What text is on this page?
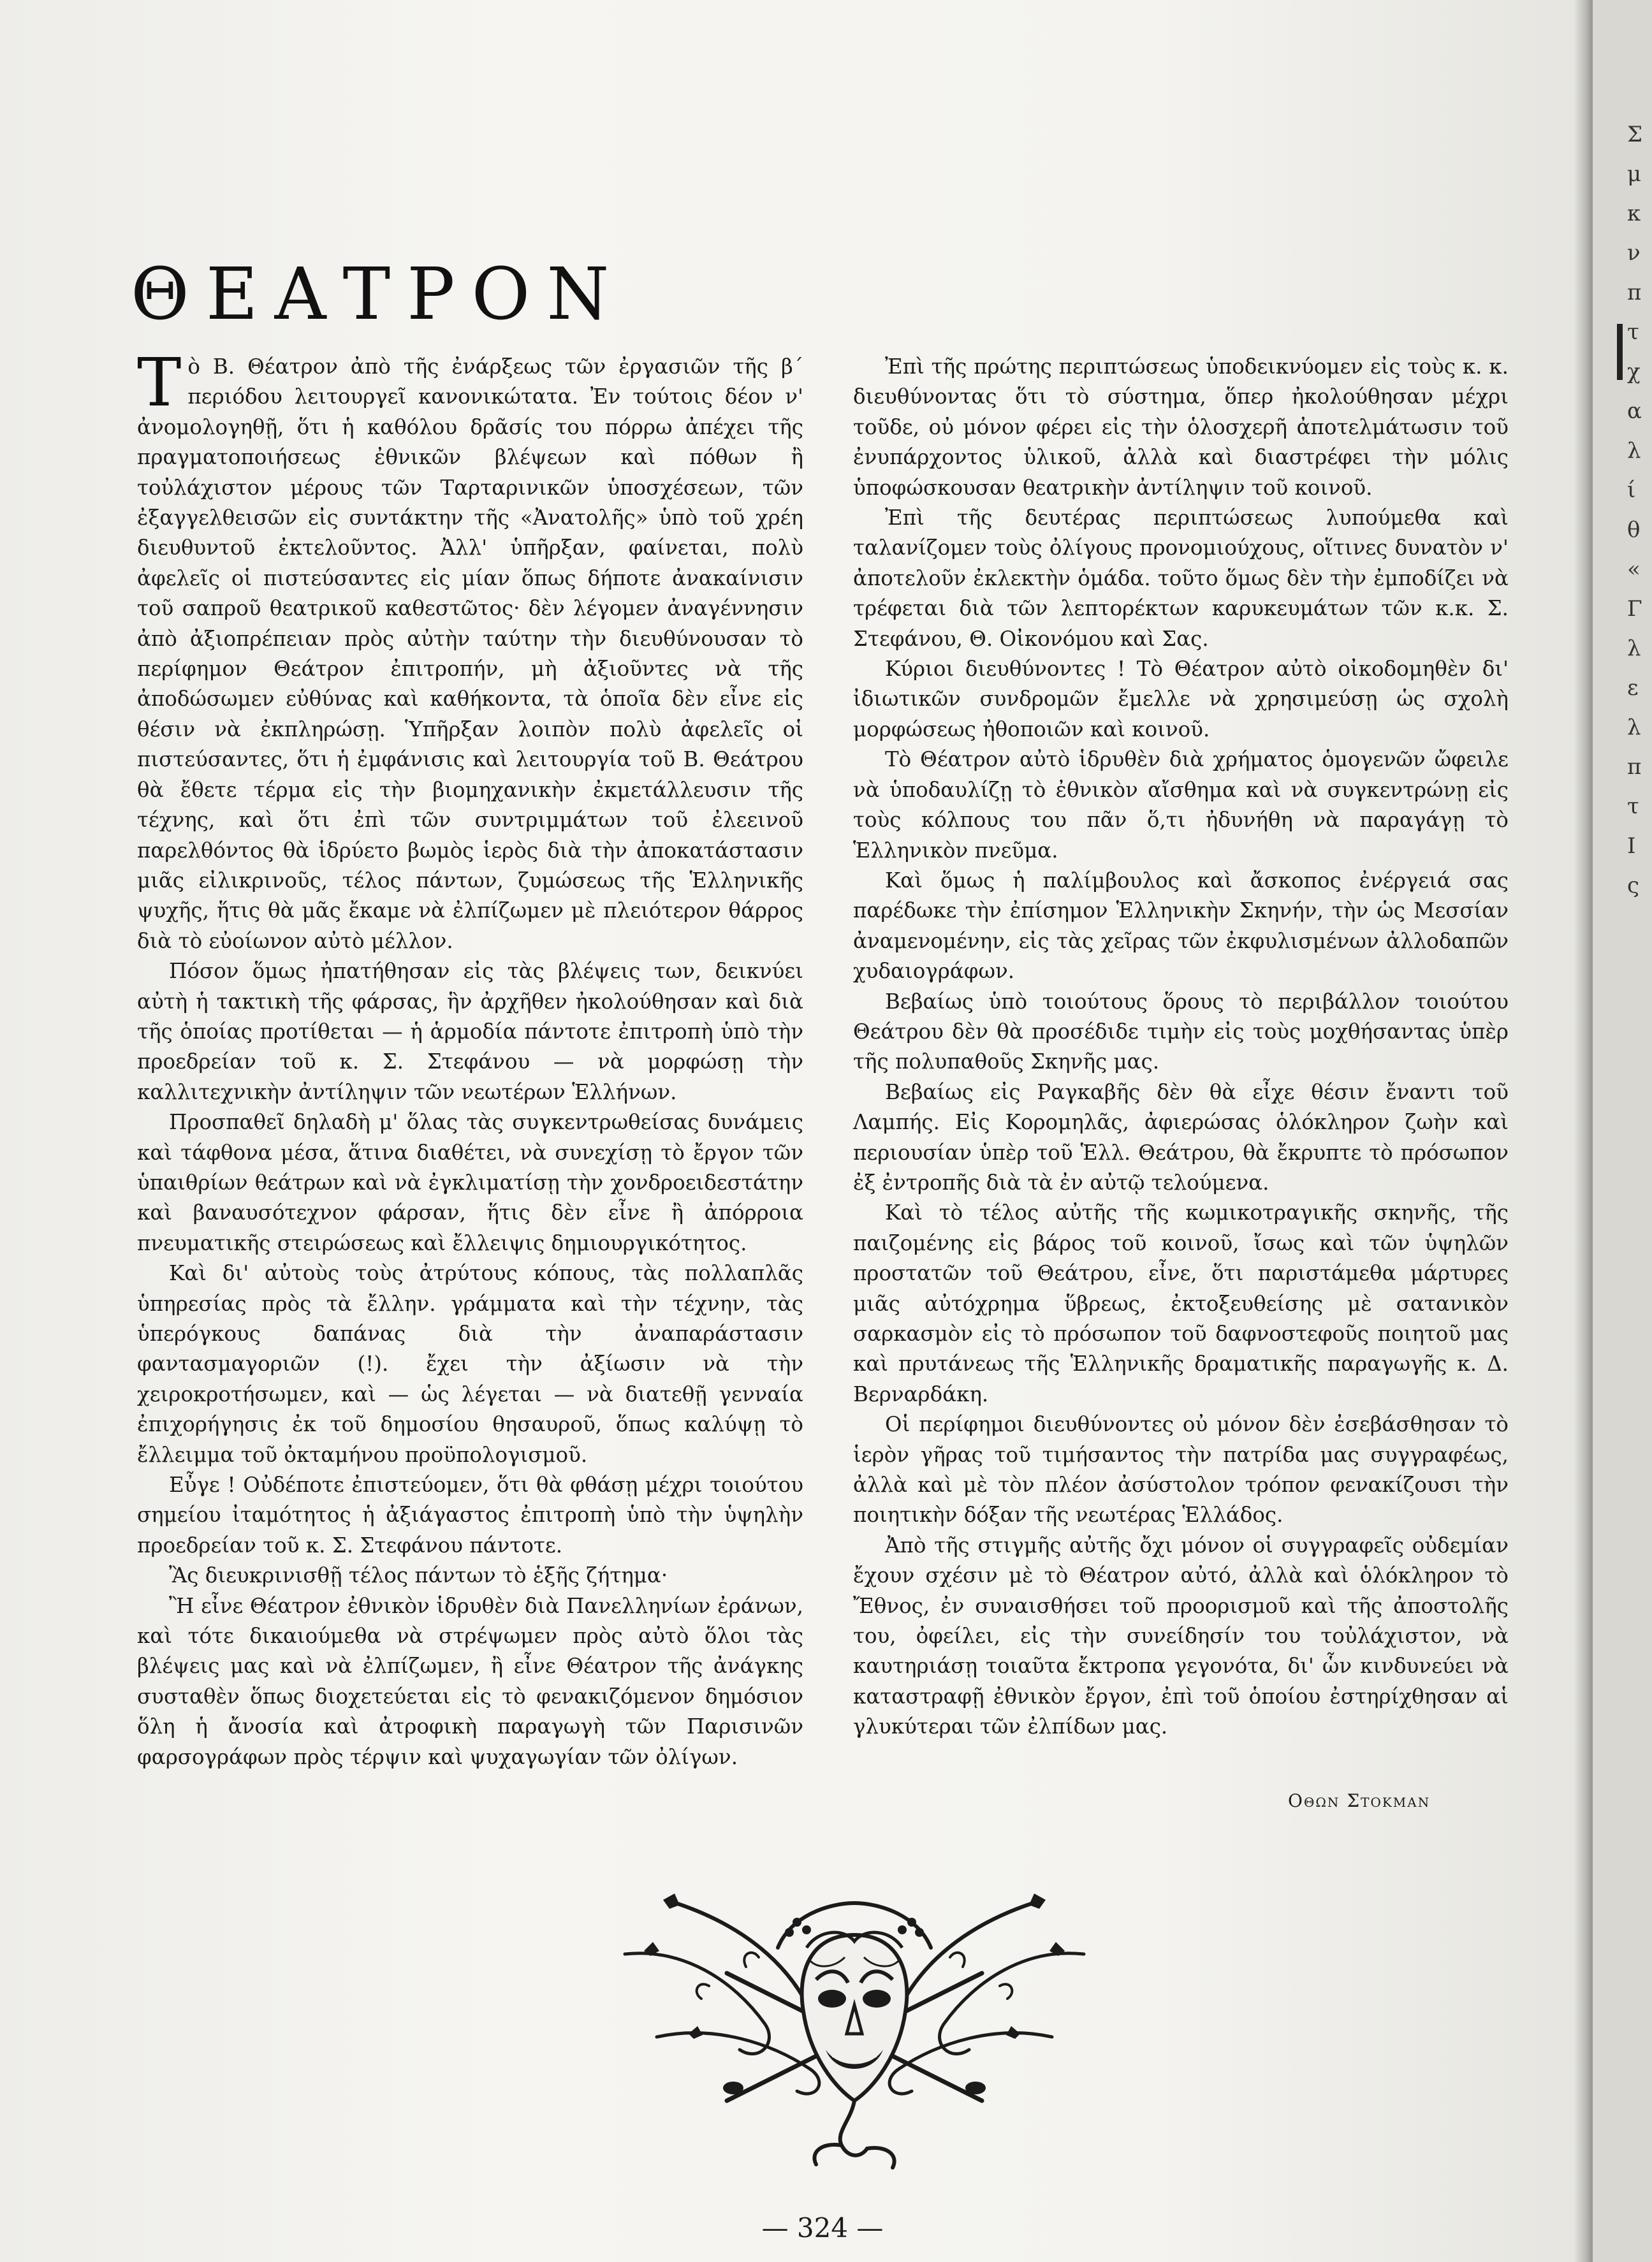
Σ
μ
κ
ν
π
τ
χ
α
λ
ί
θ
«
Γ
λ
ε
λ
π
τ
Ι
ς
ΘΕΑΤΡΟΝ

Τὸ Β. Θέατρον ἀπὸ τῆς ἐνάρξεως τῶν ἐργασιῶν τῆς β΄ περιόδου λειτουργεῖ κανονικώτατα. Ἐν τούτοις δέον ν' ἀνομολογηθῇ, ὅτι ἡ καθόλου δρᾶσίς του πόρρω ἀπέχει τῆς πραγματοποιήσεως ἐθνικῶν βλέψεων καὶ πόθων ἢ τοὐλάχιστον μέρους τῶν Ταρταρινικῶν ὑποσχέσεων, τῶν ἐξαγγελθεισῶν εἰς συντάκτην τῆς «Ἀνατολῆς» ὑπὸ τοῦ χρέη διευθυντοῦ ἐκτελοῦντος. Ἀλλ' ὑπῆρξαν, φαίνεται, πολὺ ἀφελεῖς οἱ πιστεύσαντες εἰς μίαν ὅπως δήποτε ἀνακαίνισιν τοῦ σαπροῦ θεατρικοῦ καθεστῶτος· δὲν λέγομεν ἀναγέννησιν ἀπὸ ἀξιοπρέπειαν πρὸς αὐτὴν ταύτην τὴν διευθύνουσαν τὸ περίφημον Θεάτρον ἐπιτροπήν, μὴ ἀξιοῦντες νὰ τῆς ἀποδώσωμεν εὐθύνας καὶ καθήκοντα, τὰ ὁποῖα δὲν εἶνε εἰς θέσιν νὰ ἐκπληρώσῃ. Ὑπῆρξαν λοιπὸν πολὺ ἀφελεῖς οἱ πιστεύσαντες, ὅτι ἡ ἐμφάνισις καὶ λειτουργία τοῦ Β. Θεάτρου θὰ ἔθετε τέρμα εἰς τὴν βιομηχανικὴν ἐκμετάλλευσιν τῆς τέχνης, καὶ ὅτι ἐπὶ τῶν συντριμμάτων τοῦ ἐλεεινοῦ παρελθόντος θὰ ἱδρύετο βωμὸς ἱερὸς διὰ τὴν ἀποκατάστασιν μιᾶς εἰλικρινοῦς, τέλος πάντων, ζυμώσεως τῆς Ἑλληνικῆς ψυχῆς, ἥτις θὰ μᾶς ἔκαμε νὰ ἐλπίζωμεν μὲ πλειότερον θάρρος διὰ τὸ εὐοίωνον αὐτὸ μέλλον.

Πόσον ὅμως ἠπατήθησαν εἰς τὰς βλέψεις των, δεικνύει αὐτὴ ἡ τακτικὴ τῆς φάρσας, ἣν ἀρχῆθεν ἠκολούθησαν καὶ διὰ τῆς ὁποίας προτίθεται — ἡ ἁρμοδία πάντοτε ἐπιτροπὴ ὑπὸ τὴν προεδρείαν τοῦ κ. Σ. Στεφάνου — νὰ μορφώσῃ τὴν καλλιτεχνικὴν ἀντίληψιν τῶν νεωτέρων Ἑλλήνων.

Προσπαθεῖ δηλαδὴ μ' ὅλας τὰς συγκεντρωθείσας δυνάμεις καὶ τάφθονα μέσα, ἅτινα διαθέτει, νὰ συνεχίσῃ τὸ ἔργον τῶν ὑπαιθρίων θεάτρων καὶ νὰ ἐγκλιματίσῃ τὴν χονδροειδεστάτην καὶ βαναυσότεχνον φάρσαν, ἥτις δὲν εἶνε ἢ ἀπόρροια πνευματικῆς στειρώσεως καὶ ἔλλειψις δημιουργικότητος.

Καὶ δι' αὐτοὺς τοὺς ἀτρύτους κόπους, τὰς πολλαπλᾶς ὑπηρεσίας πρὸς τὰ ἔλλην. γράμματα καὶ τὴν τέχνην, τὰς ὑπερόγκους δαπάνας διὰ τὴν ἀναπαράστασιν φαντασμαγοριῶν (!). ἔχει τὴν ἀξίωσιν νὰ τὴν χειροκροτήσωμεν, καὶ — ὡς λέγεται — νὰ διατεθῇ γενναία ἐπιχορήγησις ἐκ τοῦ δημοσίου θησαυροῦ, ὅπως καλύψῃ τὸ ἔλλειμμα τοῦ ὀκταμήνου προϋπολογισμοῦ.

Εὖγε ! Οὐδέποτε ἐπιστεύομεν, ὅτι θὰ φθάσῃ μέχρι τοιούτου σημείου ἰταμότητος ἡ ἀξιάγαστος ἐπιτροπὴ ὑπὸ τὴν ὑψηλὴν προεδρείαν τοῦ κ. Σ. Στεφάνου πάντοτε.

Ἂς διευκρινισθῇ τέλος πάντων τὸ ἑξῆς ζήτημα·

Ἢ εἶνε Θέατρον ἐθνικὸν ἱδρυθὲν διὰ Πανελληνίων ἐράνων, καὶ τότε δικαιούμεθα νὰ στρέψωμεν πρὸς αὐτὸ ὅλοι τὰς βλέψεις μας καὶ νὰ ἐλπίζωμεν, ἢ εἶνε Θέατρον τῆς ἀνάγκης συσταθὲν ὅπως διοχετεύεται εἰς τὸ φενακιζόμενον δημόσιον ὅλη ἡ ἄνοσία καὶ ἀτροφικὴ παραγωγὴ τῶν Παρισινῶν φαρσογράφων πρὸς τέρψιν καὶ ψυχαγωγίαν τῶν ὀλίγων.

Ἐπὶ τῆς πρώτης περιπτώσεως ὑποδεικνύομεν εἰς τοὺς κ. κ. διευθύνοντας ὅτι τὸ σύστημα, ὅπερ ἠκολούθησαν μέχρι τοῦδε, οὐ μόνον φέρει εἰς τὴν ὁλοσχερῆ ἀποτελμάτωσιν τοῦ ἐνυπάρχοντος ὑλικοῦ, ἀλλὰ καὶ διαστρέφει τὴν μόλις ὑποφώσκουσαν θεατρικὴν ἀντίληψιν τοῦ κοινοῦ.

Ἐπὶ τῆς δευτέρας περιπτώσεως λυπούμεθα καὶ ταλανίζομεν τοὺς ὀλίγους προνομιούχους, οἵτινες δυνατὸν ν' ἀποτελοῦν ἐκλεκτὴν ὁμάδα. τοῦτο ὅμως δὲν τὴν ἐμποδίζει νὰ τρέφεται διὰ τῶν λεπτορέκτων καρυκευμάτων τῶν κ.κ. Σ. Στεφάνου, Θ. Οἰκονόμου καὶ Σας.

Κύριοι διευθύνοντες ! Τὸ Θέατρον αὐτὸ οἰκοδομηθὲν δι' ἰδιωτικῶν συνδρομῶν ἔμελλε νὰ χρησιμεύσῃ ὡς σχολὴ μορφώσεως ἠθοποιῶν καὶ κοινοῦ.

Τὸ Θέατρον αὐτὸ ἱδρυθὲν διὰ χρήματος ὁμογενῶν ὤφειλε νὰ ὑποδαυλίζῃ τὸ ἐθνικὸν αἴσθημα καὶ νὰ συγκεντρώνῃ εἰς τοὺς κόλπους του πᾶν ὅ,τι ἠδυνήθη νὰ παραγάγῃ τὸ Ἑλληνικὸν πνεῦμα.

Καὶ ὅμως ἡ παλίμβουλος καὶ ἄσκοπος ἐνέργειά σας παρέδωκε τὴν ἐπίσημον Ἑλληνικὴν Σκηνήν, τὴν ὡς Μεσσίαν ἀναμενομένην, εἰς τὰς χεῖρας τῶν ἐκφυλισμένων ἀλλοδαπῶν χυδαιογράφων.

Βεβαίως ὑπὸ τοιούτους ὅρους τὸ περιβάλλον τοιούτου Θεάτρου δὲν θὰ προσέδιδε τιμὴν εἰς τοὺς μοχθήσαντας ὑπὲρ τῆς πολυπαθοῦς Σκηνῆς μας.

Βεβαίως εἰς Ραγκαβῆς δὲν θὰ εἶχε θέσιν ἔναντι τοῦ Λαμπής. Εἰς Κορομηλᾶς, ἀφιερώσας ὁλόκληρον ζωὴν καὶ περιουσίαν ὑπὲρ τοῦ Ἑλλ. Θεάτρου, θὰ ἔκρυπτε τὸ πρόσωπον ἐξ ἐντροπῆς διὰ τὰ ἐν αὐτῷ τελούμενα.

Καὶ τὸ τέλος αὐτῆς τῆς κωμικοτραγικῆς σκηνῆς, τῆς παιζομένης εἰς βάρος τοῦ κοινοῦ, ἴσως καὶ τῶν ὑψηλῶν προστατῶν τοῦ Θεάτρου, εἶνε, ὅτι παριστάμεθα μάρτυρες μιᾶς αὐτόχρημα ὕβρεως, ἐκτοξευθείσης μὲ σατανικὸν σαρκασμὸν εἰς τὸ πρόσωπον τοῦ δαφνοστεφοῦς ποιητοῦ μας καὶ πρυτάνεως τῆς Ἑλληνικῆς δραματικῆς παραγωγῆς κ. Δ. Βερναρδάκη.

Οἱ περίφημοι διευθύνοντες οὐ μόνον δὲν ἐσεβάσθησαν τὸ ἱερὸν γῆρας τοῦ τιμήσαντος τὴν πατρίδα μας συγγραφέως, ἀλλὰ καὶ μὲ τὸν πλέον ἀσύστολον τρόπον φενακίζουσι τὴν ποιητικὴν δόξαν τῆς νεωτέρας Ἑλλάδος.

Ἀπὸ τῆς στιγμῆς αὐτῆς ὄχι μόνον οἱ συγγραφεῖς οὐδεμίαν ἔχουν σχέσιν μὲ τὸ Θέατρον αὐτό, ἀλλὰ καὶ ὁλόκληρον τὸ Ἔθνος, ἐν συναισθήσει τοῦ προορισμοῦ καὶ τῆς ἀποστολῆς του, ὀφείλει, εἰς τὴν συνείδησίν του τοὐλάχιστον, νὰ καυτηριάσῃ τοιαῦτα ἔκτροπα γεγονότα, δι' ὧν κινδυνεύει νὰ καταστραφῇ ἐθνικὸν ἔργον, ἐπὶ τοῦ ὁποίου ἐστηρίχθησαν αἱ γλυκύτεραι τῶν ἐλπίδων μας.

Οθων Στοκμαν
— 324 —
